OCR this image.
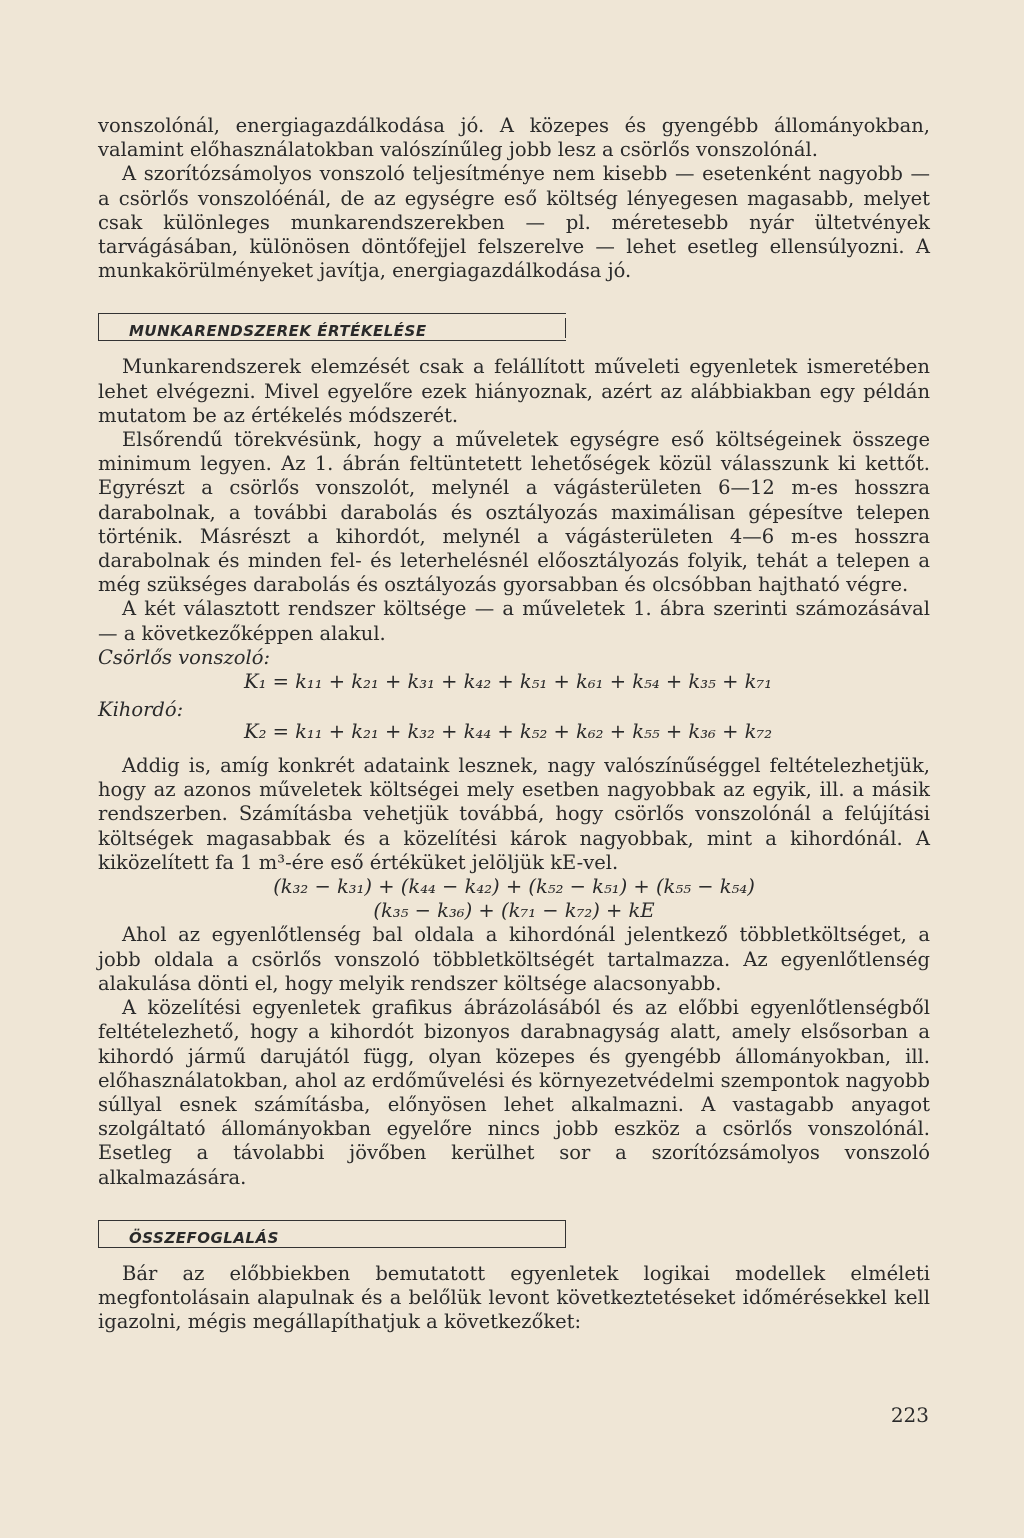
vonszolónál, energiagazdálkodása jó. A közepes és gyengébb állományokban, valamint előhasználatokban valószínűleg jobb lesz a csörlős vonszolónál.

A szorítózsámolyos vonszoló teljesítménye nem kisebb — esetenként nagyobb — a csörlős vonszolóénál, de az egységre eső költség lényegesen magasabb, melyet csak különleges munkarendszerekben — pl. méretesebb nyár ültetvények tarvágásában, különösen döntőfejjel felszerelve — lehet esetleg ellensúlyozni. A munkakörülményeket javítja, energiagazdálkodása jó.

MUNKARENDSZEREK ÉRTÉKELÉSE

Munkarendszerek elemzését csak a felállított műveleti egyenletek ismeretében lehet elvégezni. Mivel egyelőre ezek hiányoznak, azért az alábbiakban egy példán mutatom be az értékelés módszerét.

Elsőrendű törekvésünk, hogy a műveletek egységre eső költségeinek összege minimum legyen. Az 1. ábrán feltüntetett lehetőségek közül válasszunk ki kettőt. Egyrészt a csörlős vonszolót, melynél a vágásterületen 6—12 m-es hosszra darabolnak, a további darabolás és osztályozás maximálisan gépesítve telepen történik. Másrészt a kihordót, melynél a vágásterületen 4—6 m-es hosszra darabolnak és minden fel- és leterhelésnél előosztályozás folyik, tehát a telepen a még szükséges darabolás és osztályozás gyorsabban és olcsóbban hajtható végre.

A két választott rendszer költsége — a műveletek 1. ábra szerinti számozásával — a következőképpen alakul.

Csörlős vonszoló:

K₁ = k₁₁ + k₂₁ + k₃₁ + k₄₂ + k₅₁ + k₆₁ + k₅₄ + k₃₅ + k₇₁
Kihordó:
K₂ = k₁₁ + k₂₁ + k₃₂ + k₄₄ + k₅₂ + k₆₂ + k₅₅ + k₃₆ + k₇₂

Addig is, amíg konkrét adataink lesznek, nagy valószínűséggel feltételezhetjük, hogy az azonos műveletek költségei mely esetben nagyobbak az egyik, ill. a másik rendszerben. Számításba vehetjük továbbá, hogy csörlős vonszolónál a felújítási költségek magasabbak és a közelítési károk nagyobbak, mint a kihordónál. A kiközelített fa 1 m³-ére eső értéküket jelöljük kE-vel.

(k₃₂ − k₃₁) + (k₄₄ − k₄₂) + (k₅₂ − k₅₁) + (k₅₅ − k₅₄)

(k₃₅ − k₃₆) + (k₇₁ − k₇₂) + kE

Ahol az egyenlőtlenség bal oldala a kihordónál jelentkező többletköltséget, a jobb oldala a csörlős vonszoló többletköltségét tartalmazza. Az egyenlőtlenség alakulása dönti el, hogy melyik rendszer költsége alacsonyabb.

A közelítési egyenletek grafikus ábrázolásából és az előbbi egyenlőtlenségből feltételezhető, hogy a kihordót bizonyos darabnagyság alatt, amely elsősorban a kihordó jármű darujától függ, olyan közepes és gyengébb állományokban, ill. előhasználatokban, ahol az erdőművelési és környezetvédelmi szempontok nagyobb súllyal esnek számításba, előnyösen lehet alkalmazni. A vastagabb anyagot szolgáltató állományokban egyelőre nincs jobb eszköz a csörlős vonszolónál. Esetleg a távolabbi jövőben kerülhet sor a szorítózsámolyos vonszoló alkalmazására.

ÖSSZEFOGLALÁS

Bár az előbbiekben bemutatott egyenletek logikai modellek elméleti megfontolásain alapulnak és a belőlük levont következtetéseket időmérésekkel kell igazolni, mégis megállapíthatjuk a következőket:

223
